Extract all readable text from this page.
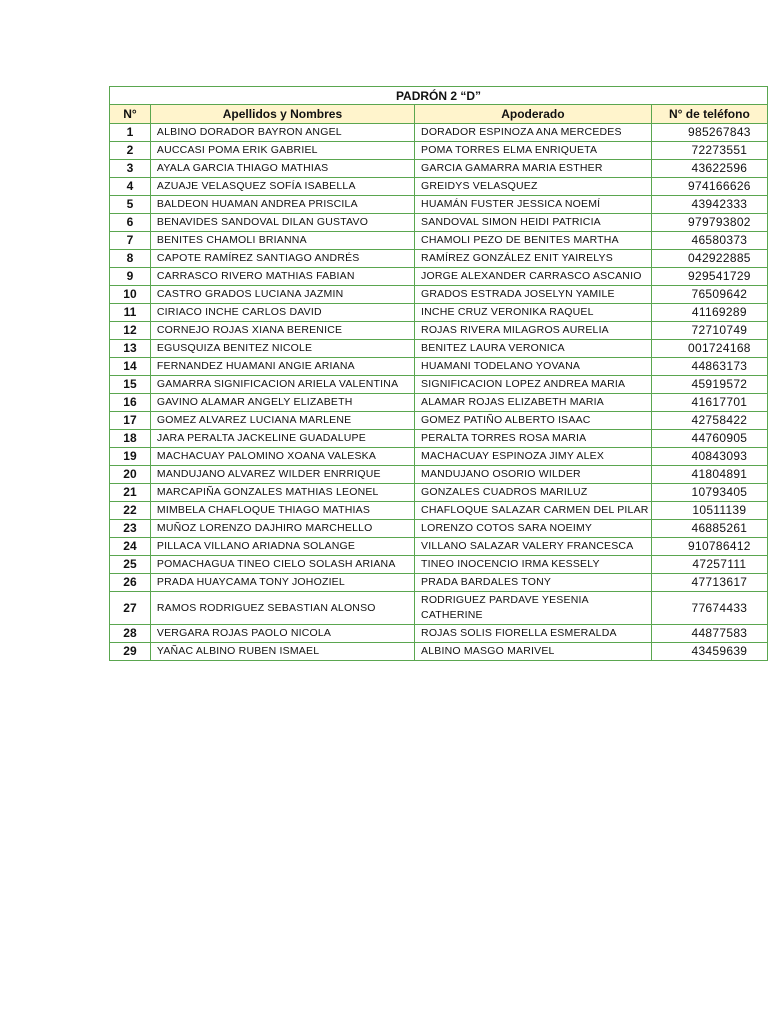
PADRÓN 2 “D”			
N°	Apellidos y Nombres	Apoderado	N° de teléfono
1	ALBINO DORADOR BAYRON ANGEL	DORADOR ESPINOZA ANA MERCEDES	985267843
2	AUCCASI POMA ERIK GABRIEL	POMA TORRES ELMA ENRIQUETA	72273551
3	AYALA GARCIA THIAGO MATHIAS	GARCIA GAMARRA MARIA ESTHER	43622596
4	AZUAJE VELASQUEZ SOFÍA ISABELLA	GREIDYS VELASQUEZ	974166626
5	BALDEON HUAMAN ANDREA PRISCILA	HUAMÁN FUSTER JESSICA NOEMÍ	43942333
6	BENAVIDES SANDOVAL DILAN GUSTAVO	SANDOVAL SIMON HEIDI PATRICIA	979793802
7	BENITES CHAMOLI BRIANNA	CHAMOLI PEZO DE BENITES MARTHA	46580373
8	CAPOTE RAMÍREZ SANTIAGO ANDRÉS	RAMÍREZ GONZÁLEZ ENIT YAIRELYS	042922885
9	CARRASCO RIVERO MATHIAS FABIAN	JORGE ALEXANDER CARRASCO ASCANIO	929541729
10	CASTRO GRADOS LUCIANA JAZMIN	GRADOS ESTRADA JOSELYN YAMILE	76509642
11	CIRIACO INCHE CARLOS DAVID	INCHE CRUZ VERONIKA RAQUEL	41169289
12	CORNEJO ROJAS XIANA BERENICE	ROJAS RIVERA MILAGROS AURELIA	72710749
13	EGUSQUIZA BENITEZ NICOLE	BENITEZ LAURA VERONICA	001724168
14	FERNANDEZ HUAMANI ANGIE ARIANA	HUAMANI TODELANO YOVANA	44863173
15	GAMARRA SIGNIFICACION ARIELA VALENTINA	SIGNIFICACION LOPEZ ANDREA MARIA	45919572
16	GAVINO ALAMAR ANGELY ELIZABETH	ALAMAR ROJAS ELIZABETH MARIA	41617701
17	GOMEZ ALVAREZ LUCIANA MARLENE	GOMEZ PATIÑO ALBERTO ISAAC	42758422
18	JARA PERALTA JACKELINE GUADALUPE	PERALTA TORRES ROSA MARIA	44760905
19	MACHACUAY PALOMINO XOANA VALESKA	MACHACUAY ESPINOZA JIMY ALEX	40843093
20	MANDUJANO ALVAREZ WILDER ENRRIQUE	MANDUJANO OSORIO WILDER	41804891
21	MARCAPIÑA GONZALES MATHIAS LEONEL	GONZALES CUADROS MARILUZ	10793405
22	MIMBELA CHAFLOQUE THIAGO MATHIAS	CHAFLOQUE SALAZAR CARMEN DEL PILAR	10511139
23	MUÑOZ LORENZO DAJHIRO MARCHELLO	LORENZO COTOS SARA NOEIMY	46885261
24	PILLACA VILLANO ARIADNA SOLANGE	VILLANO SALAZAR VALERY FRANCESCA	910786412
25	POMACHAGUA TINEO CIELO SOLASH ARIANA	TINEO INOCENCIO IRMA KESSELY	47257111
26	PRADA HUAYCAMA TONY JOHOZIEL	PRADA BARDALES TONY	47713617
27	RAMOS RODRIGUEZ SEBASTIAN ALONSO	RODRIGUEZ PARDAVE YESENIA CATHERINE	77674433
28	VERGARA ROJAS PAOLO NICOLA	ROJAS SOLIS FIORELLA ESMERALDA	44877583
29	YAÑAC ALBINO RUBEN ISMAEL	ALBINO MASGO MARIVEL	43459639
